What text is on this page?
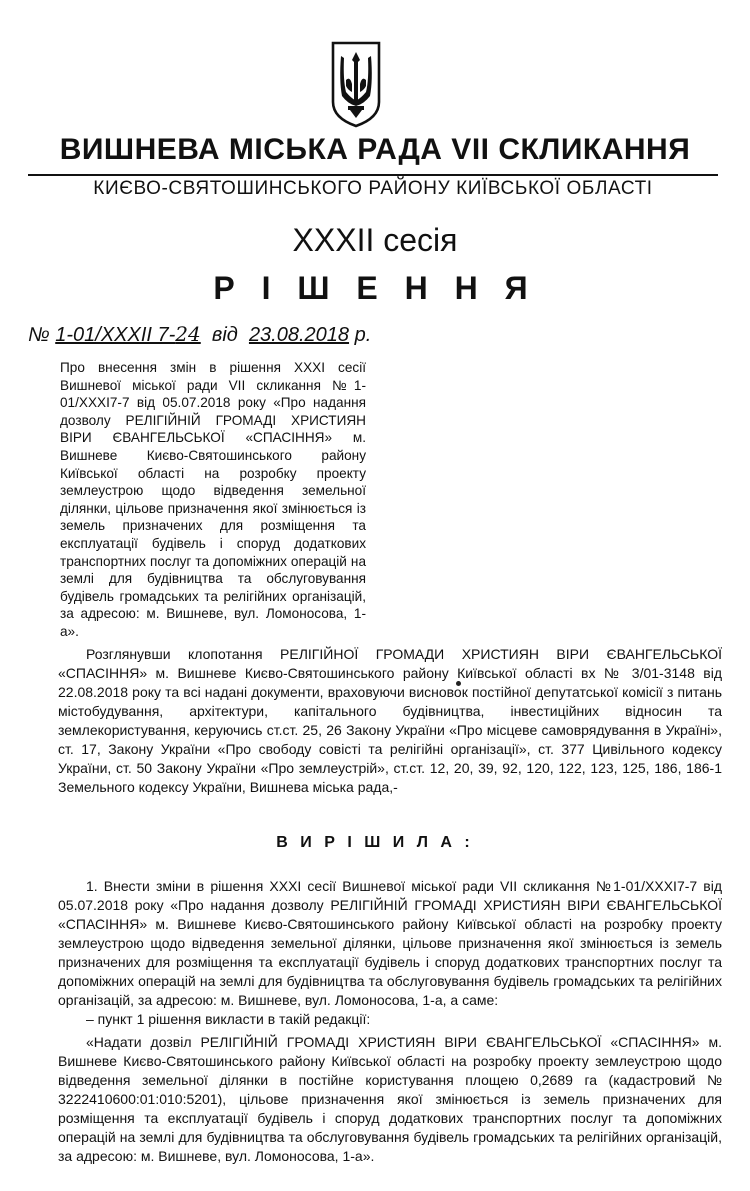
ВИШНЕВА МІСЬКА РАДА VII СКЛИКАННЯ
КИЄВО-СВЯТОШИНСЬКОГО РАЙОНУ КИЇВСЬКОЇ ОБЛАСТІ
XXXII сесія
Р І Ш Е Н Н Я
№ 1-01/XXXII 7-24 від 23.08.2018 р.
Про внесення змін в рішення XXXI сесії Вишневої міської ради VII скликання №1-01/XXXI7-7 від 05.07.2018 року «Про надання дозволу РЕЛІГІЙНІЙ ГРОМАДІ ХРИСТИЯН ВІРИ ЄВАНГЕЛЬСЬКОЇ «СПАСІННЯ» м. Вишневе Києво-Святошинського району Київської області на розробку проекту землеустрою щодо відведення земельної ділянки, цільове призначення якої змінюється із земель призначених для розміщення та експлуатації будівель і споруд додаткових транспортних послуг та допоміжних операцій на землі для будівництва та обслуговування будівель громадських та релігійних організацій, за адресою: м. Вишневе, вул. Ломоносова, 1-а».
Розглянувши клопотання РЕЛІГІЙНОЇ ГРОМАДИ ХРИСТИЯН ВІРИ ЄВАНГЕЛЬСЬКОЇ «СПАСІННЯ» м. Вишневе Києво-Святошинського району Київської області вх № 3/01-3148 від 22.08.2018 року та всі надані документи, враховуючи висновок постійної депутатської комісії з питань містобудування, архітектури, капітального будівництва, інвестиційних відносин та землекористування, керуючись ст.ст. 25, 26 Закону України «Про місцеве самоврядування в Україні», ст. 17, Закону України «Про свободу совісті та релігійні організації», ст. 377 Цивільного кодексу України, ст. 50 Закону України «Про землеустрій», ст.ст. 12, 20, 39, 92, 120, 122, 123, 125, 186, 186-1 Земельного кодексу України, Вишнева міська рада,-
В И Р І Ш И Л А :

1. Внести зміни в рішення XXXI сесії Вишневої міської ради VII скликання №1-01/XXXI7-7 від 05.07.2018 року «Про надання дозволу РЕЛІГІЙНІЙ ГРОМАДІ ХРИСТИЯН ВІРИ ЄВАНГЕЛЬСЬКОЇ «СПАСІННЯ» м. Вишневе Києво-Святошинського району Київської області на розробку проекту землеустрою щодо відведення земельної ділянки, цільове призначення якої змінюється із земель призначених для розміщення та експлуатації будівель і споруд додаткових транспортних послуг та допоміжних операцій на землі для будівництва та обслуговування будівель громадських та релігійних організацій, за адресою: м. Вишневе, вул. Ломоносова, 1-а, а саме:

– пункт 1 рішення викласти в такій редакції:

«Надати дозвіл РЕЛІГІЙНІЙ ГРОМАДІ ХРИСТИЯН ВІРИ ЄВАНГЕЛЬСЬКОЇ «СПАСІННЯ» м. Вишневе Києво-Святошинського району Київської області на розробку проекту землеустрою щодо відведення земельної ділянки в постійне користування площею 0,2689 га (кадастровий № 3222410600:01:010:5201), цільове призначення якої змінюється із земель призначених для розміщення та експлуатації будівель і споруд додаткових транспортних послуг та допоміжних операцій на землі для будівництва та обслуговування будівель громадських та релігійних організацій, за адресою: м. Вишневе, вул. Ломоносова, 1-а».
